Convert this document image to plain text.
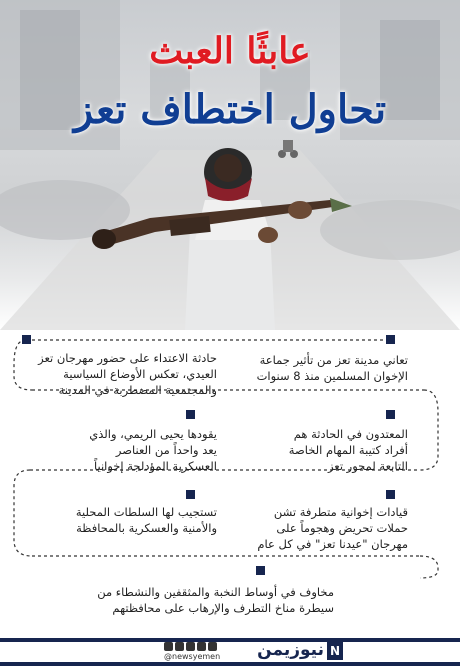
عابثًا العبث
تحاول اختطاف تعز
تعاني مدينة تعز من تأثير جماعة
الإخوان المسلمين منذ 8 سنوات
حادثة الاعتداء على حضور مهرجان تعز
العيدي، تعكس الأوضاع السياسية
والمجتمعية المضطربة في المدينة
المعتدون في الحادثة هم
أفراد كتيبة المهام الخاصة
التابعة لمحور تعز
يقودها يحيى الريمي، والذي
يعد واحداً من العناصر
العسكرية المؤدلجة إخوانياً
قيادات إخوانية متطرفة تشن
حملات تحريض وهجوماً على
مهرجان "عيدنا تعز" في كل عام
تستجيب لها السلطات المحلية
والأمنية والعسكرية بالمحافظة
مخاوف في أوساط النخبة والمثقفين والنشطاء من
سيطرة مناخ التطرف والإرهاب على محافظتهم
N
نيوزيمن
@newsyemen
